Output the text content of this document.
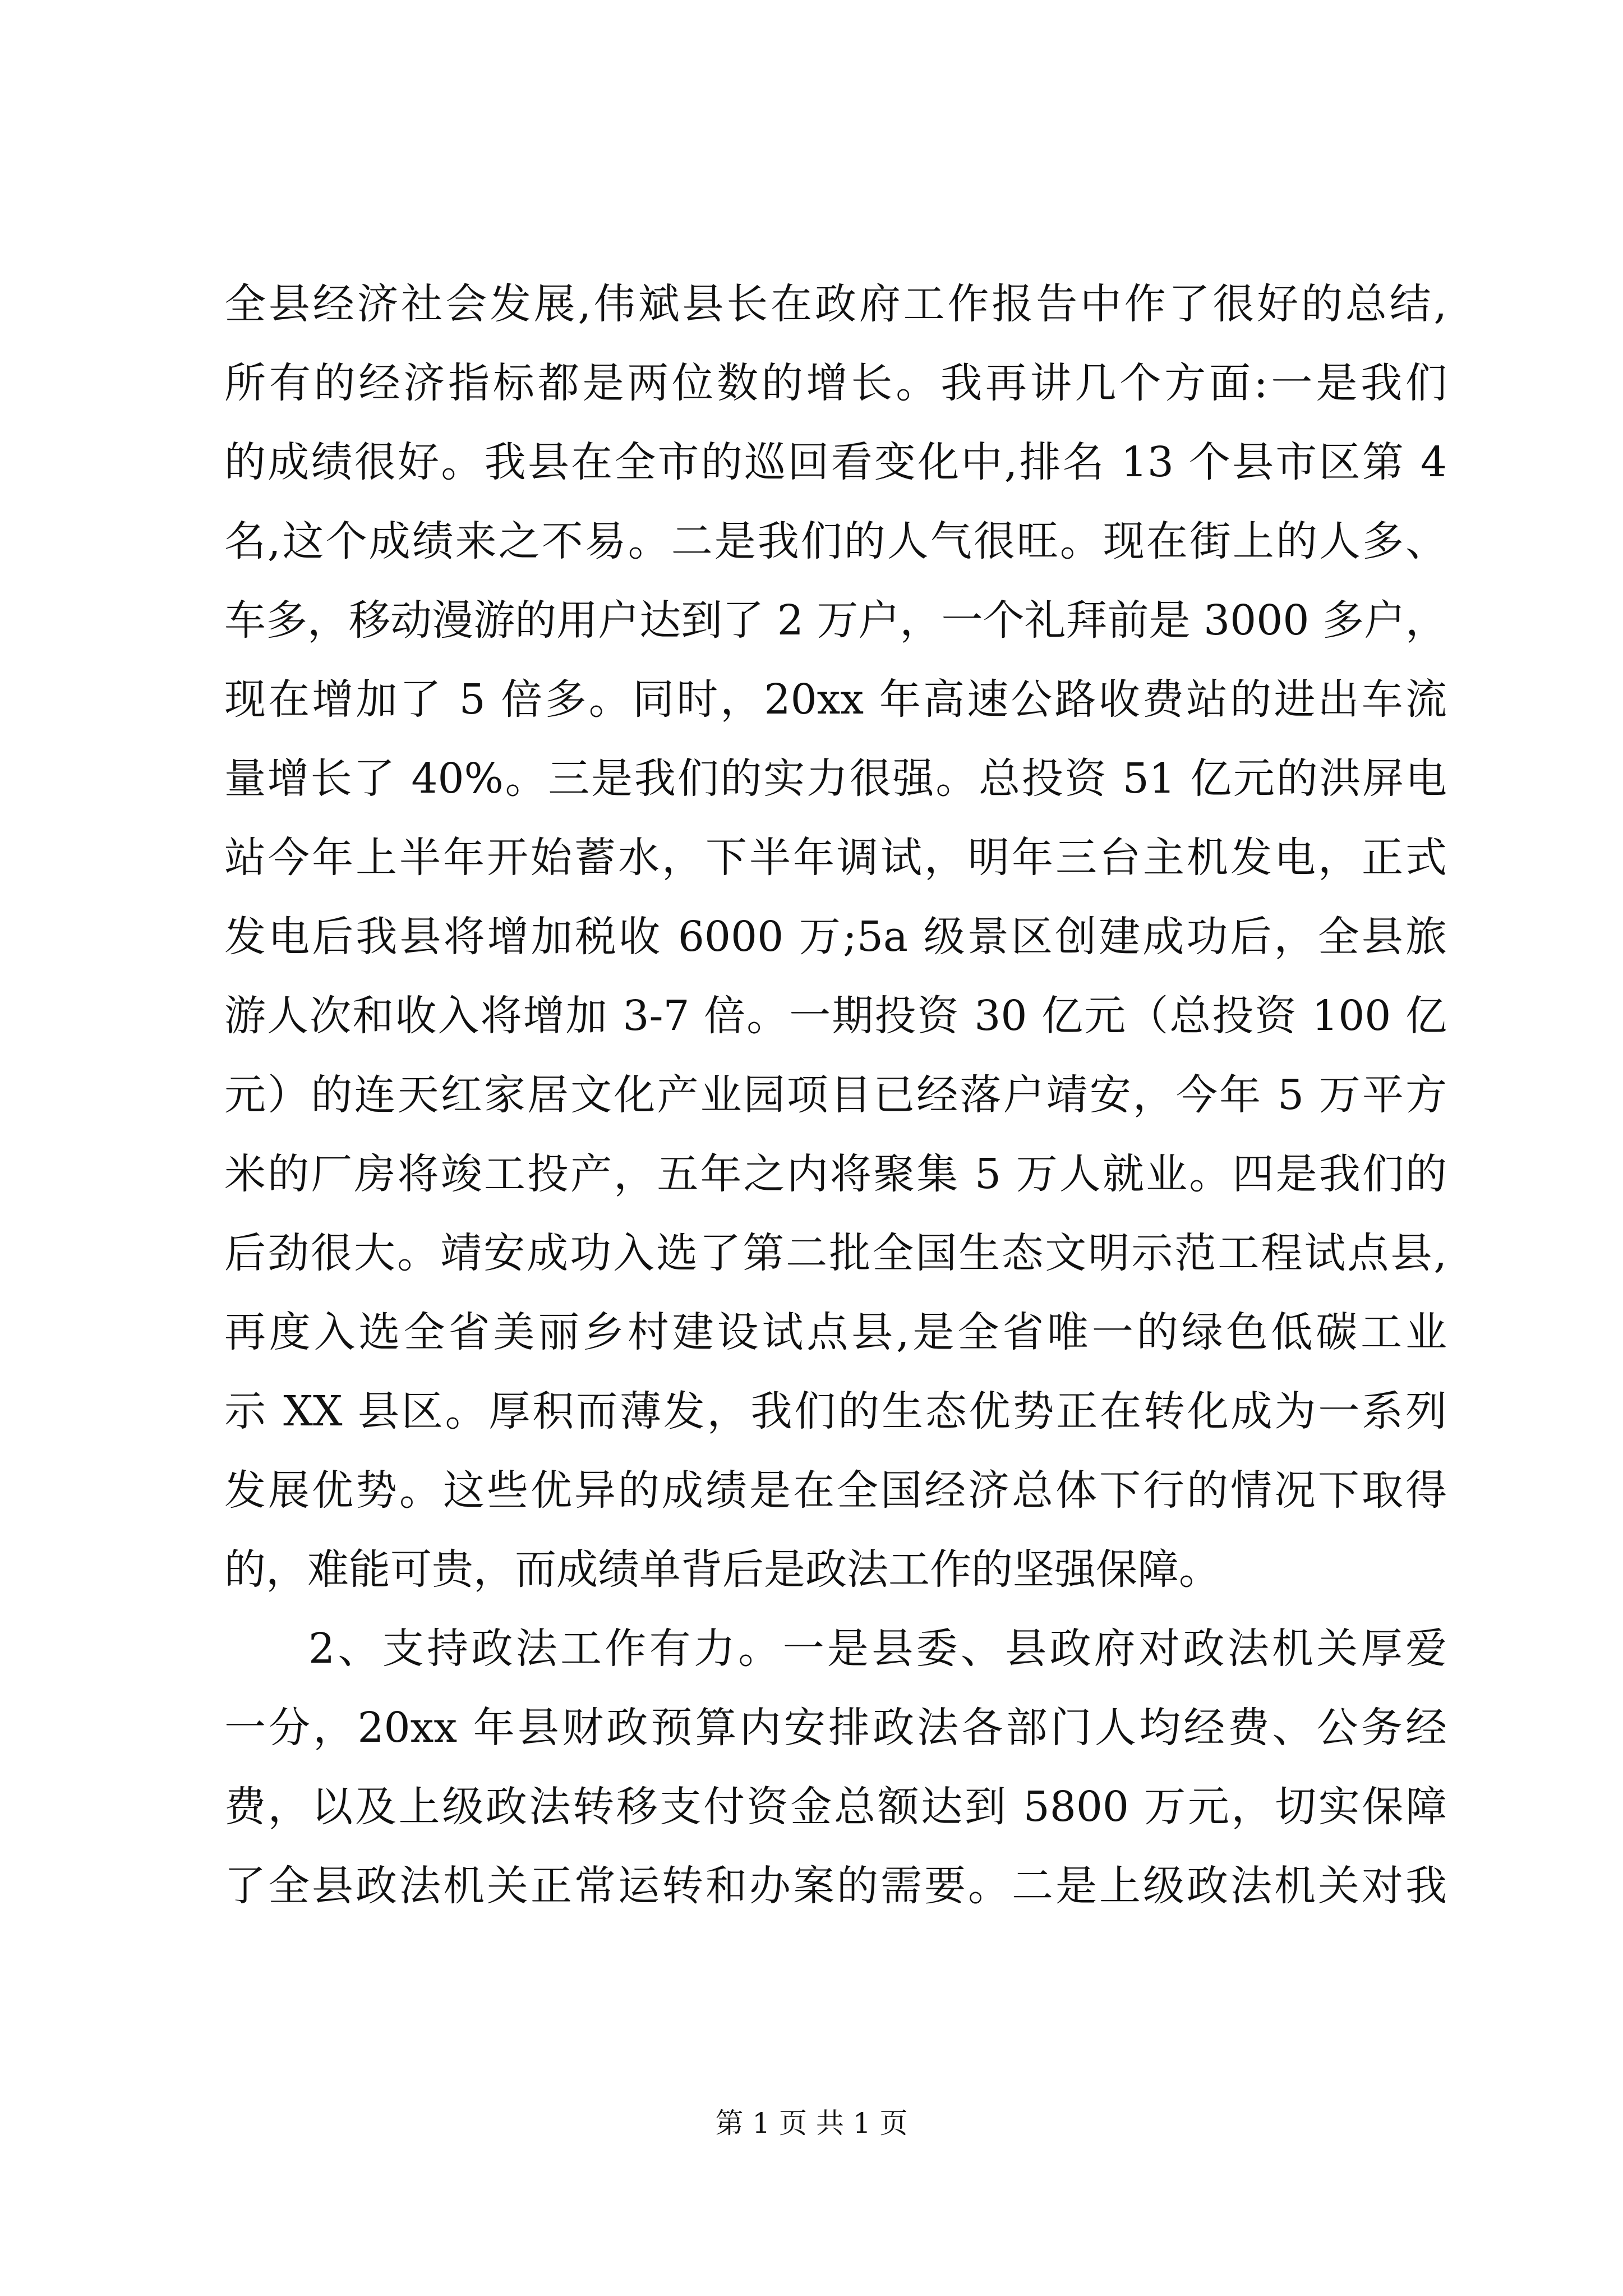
全县经济社会发展,伟斌县长在政府工作报告中作了很好的总结,
所有的经济指标都是两位数的增长。我再讲几个方面:一是我们
的成绩很好。我县在全市的巡回看变化中,排名 13 个县市区第 4
名,这个成绩来之不易。二是我们的人气很旺。现在街上的人多、
车多，移动漫游的用户达到了 2 万户，一个礼拜前是 3000 多户，
现在增加了 5 倍多。同时，20xx 年高速公路收费站的进出车流
量增长了 40%。三是我们的实力很强。总投资 51 亿元的洪屏电
站今年上半年开始蓄水，下半年调试，明年三台主机发电，正式
发电后我县将增加税收 6000 万;5a 级景区创建成功后，全县旅
游人次和收入将增加 3-7 倍。一期投资 30 亿元（总投资 100 亿
元）的连天红家居文化产业园项目已经落户靖安，今年 5 万平方
米的厂房将竣工投产，五年之内将聚集 5 万人就业。四是我们的
后劲很大。靖安成功入选了第二批全国生态文明示范工程试点县,
再度入选全省美丽乡村建设试点县,是全省唯一的绿色低碳工业
示 XX 县区。厚积而薄发，我们的生态优势正在转化成为一系列
发展优势。这些优异的成绩是在全国经济总体下行的情况下取得
的，难能可贵，而成绩单背后是政法工作的坚强保障。
2、支持政法工作有力。一是县委、县政府对政法机关厚爱
一分，20xx 年县财政预算内安排政法各部门人均经费、公务经
费，以及上级政法转移支付资金总额达到 5800 万元，切实保障
了全县政法机关正常运转和办案的需要。二是上级政法机关对我
第 1 页 共 1 页
